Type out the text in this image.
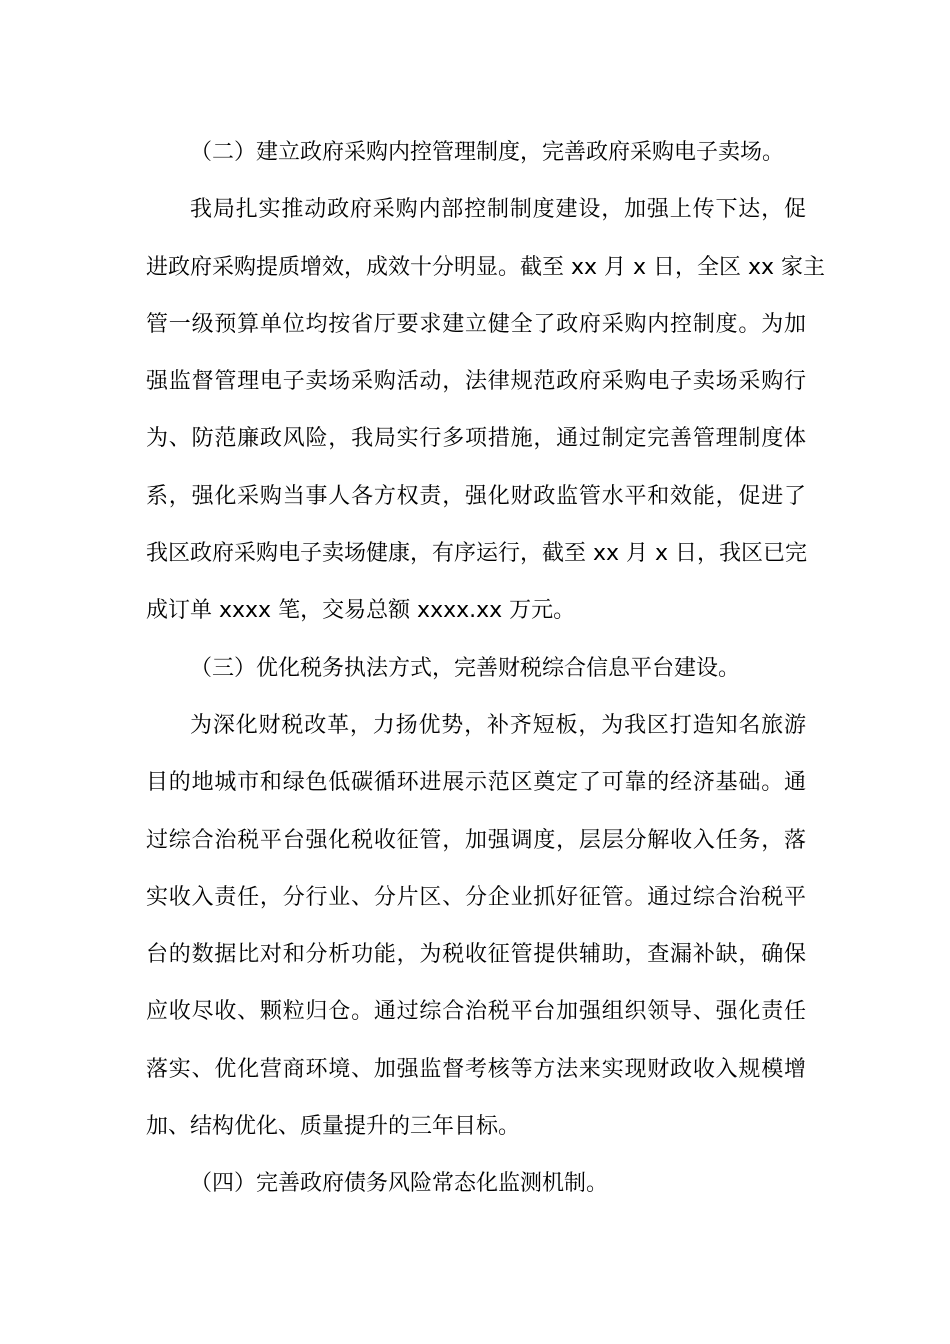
（二）建立政府采购内控管理制度，完善政府采购电子卖场。
我局扎实推动政府采购内部控制制度建设，加强上传下达，促
进政府采购提质增效，成效十分明显。截至 xx 月 x 日，全区 xx 家主
管一级预算单位均按省厅要求建立健全了政府采购内控制度。为加
强监督管理电子卖场采购活动，法律规范政府采购电子卖场采购行
为、防范廉政风险，我局实行多项措施，通过制定完善管理制度体
系，强化采购当事人各方权责，强化财政监管水平和效能，促进了
我区政府采购电子卖场健康，有序运行，截至 xx 月 x 日，我区已完
成订单 xxxx 笔，交易总额 xxxx.xx 万元。
（三）优化税务执法方式，完善财税综合信息平台建设。
为深化财税改革，力扬优势，补齐短板，为我区打造知名旅游
目的地城市和绿色低碳循环进展示范区奠定了可靠的经济基础。通
过综合治税平台强化税收征管，加强调度，层层分解收入任务，落
实收入责任，分行业、分片区、分企业抓好征管。通过综合治税平
台的数据比对和分析功能，为税收征管提供辅助，查漏补缺，确保
应收尽收、颗粒归仓。通过综合治税平台加强组织领导、强化责任
落实、优化营商环境、加强监督考核等方法来实现财政收入规模增
加、结构优化、质量提升的三年目标。
（四）完善政府债务风险常态化监测机制。
